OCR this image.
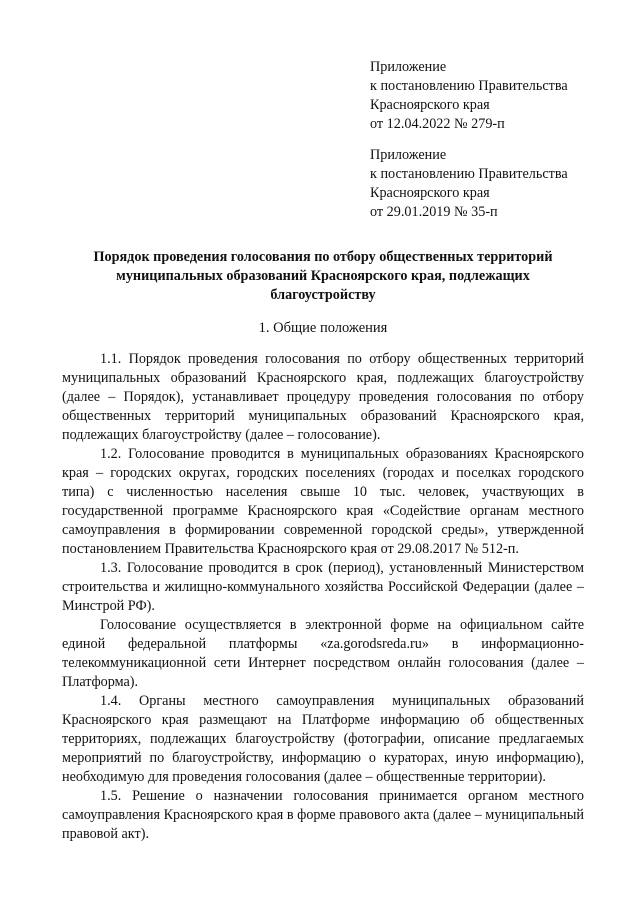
Приложение
к постановлению Правительства
Красноярского края
от 12.04.2022 № 279-п
Приложение
к постановлению Правительства
Красноярского края
от 29.01.2019 № 35-п
Порядок проведения голосования по отбору общественных территорий муниципальных образований Красноярского края, подлежащих благоустройству
1. Общие положения

1.1. Порядок проведения голосования по отбору общественных территорий муниципальных образований Красноярского края, подлежащих благоустройству (далее – Порядок), устанавливает процедуру проведения голосования по отбору общественных территорий муниципальных образований Красноярского края, подлежащих благоустройству (далее – голосование).

1.2. Голосование проводится в муниципальных образованиях Красноярского края – городских округах, городских поселениях (городах и поселках городского типа) с численностью населения свыше 10 тыс. человек, участвующих в государственной программе Красноярского края «Содействие органам местного самоуправления в формировании современной городской среды», утвержденной постановлением Правительства Красноярского края от 29.08.2017 № 512-п.

1.3. Голосование проводится в срок (период), установленный Министерством строительства и жилищно-коммунального хозяйства Российской Федерации (далее – Минстрой РФ).

Голосование осуществляется в электронной форме на официальном сайте единой федеральной платформы «za.gorodsreda.ru» в информационно-телекоммуникационной сети Интернет посредством онлайн голосования (далее – Платформа).

1.4. Органы местного самоуправления муниципальных образований Красноярского края размещают на Платформе информацию об общественных территориях, подлежащих благоустройству (фотографии, описание предлагаемых мероприятий по благоустройству, информацию о кураторах, иную информацию), необходимую для проведения голосования (далее – общественные территории).

1.5. Решение о назначении голосования принимается органом местного самоуправления Красноярского края в форме правового акта (далее – муниципальный правовой акт).
